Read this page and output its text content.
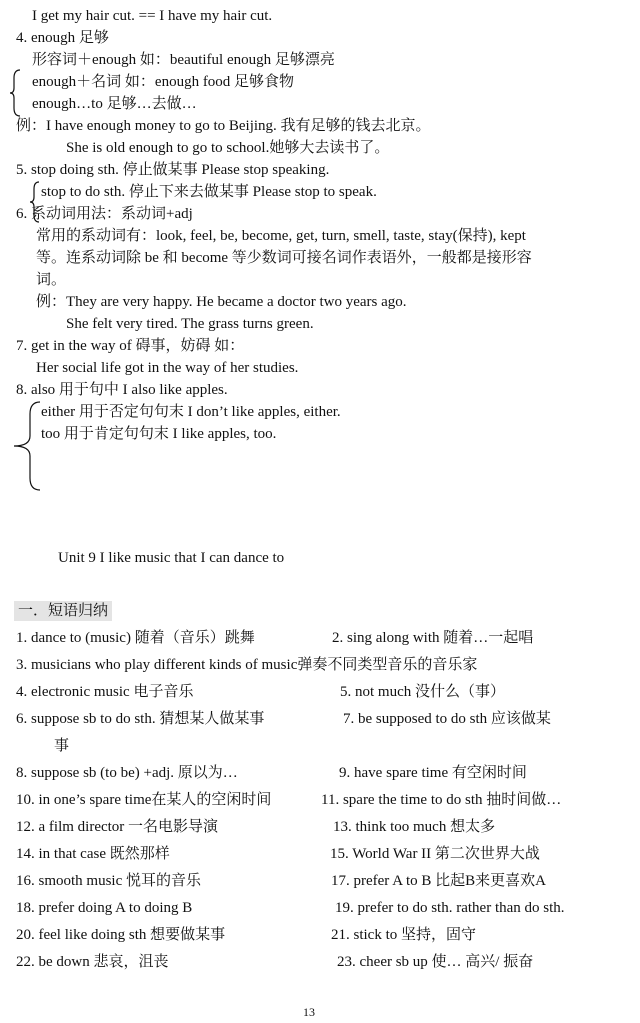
I get my hair cut. == I have my hair cut.
4. enough 足够
形容词＋enough 如：beautiful enough 足够漂亮
enough＋名词 如：enough food 足够食物
enough…to 足够…去做…
例：I have enough money to go to Beijing. 我有足够的钱去北京。
She is old enough to go to school.她够大去读书了。
5. stop doing sth. 停止做某事 Please stop speaking.
stop to do sth. 停止下来去做某事 Please stop to speak.
6. 系动词用法：系动词+adj
常用的系动词有：look, feel, be, become, get, turn, smell, taste, stay(保持), kept
等。连系动词除 be 和 become 等少数词可接名词作表语外，一般都是接形容
词。
例：They are very happy. He became a doctor two years ago.
She felt very tired. The grass turns green.
7. get in the way of 碍事，妨碍 如：
Her social life got in the way of her studies.
8. also 用于句中 I also like apples.
either 用于否定句句末 I don’t like apples, either.
too 用于肯定句句末 I like apples, too.
Unit 9 I like music that I can dance to
一．短语归纳
1. dance to (music) 随着（音乐）跳舞	2. sing along with 随着…一起唱
3. musicians who play different kinds of music弹奏不同类型音乐的音乐家
4. electronic music 电子音乐	5. not much 没什么（事）
6. suppose sb to do sth. 猜想某人做某事	7. be supposed to do sth 应该做某
事
8. suppose sb (to be) +adj. 原以为…	9. have spare time 有空闲时间
10. in one’s spare time在某人的空闲时间	11. spare the time to do sth 抽时间做…
12. a film director 一名电影导演	13. think too much 想太多
14. in that case 既然那样	15. World War II 第二次世界大战
16. smooth music 悦耳的音乐	17. prefer A to B 比起B来更喜欢A
18. prefer doing A to doing B	19. prefer to do sth. rather than do sth.
20. feel like doing sth 想要做某事	21. stick to 坚持，固守
22. be down 悲哀，沮丧	23. cheer sb up 使… 高兴/ 振奋
13
